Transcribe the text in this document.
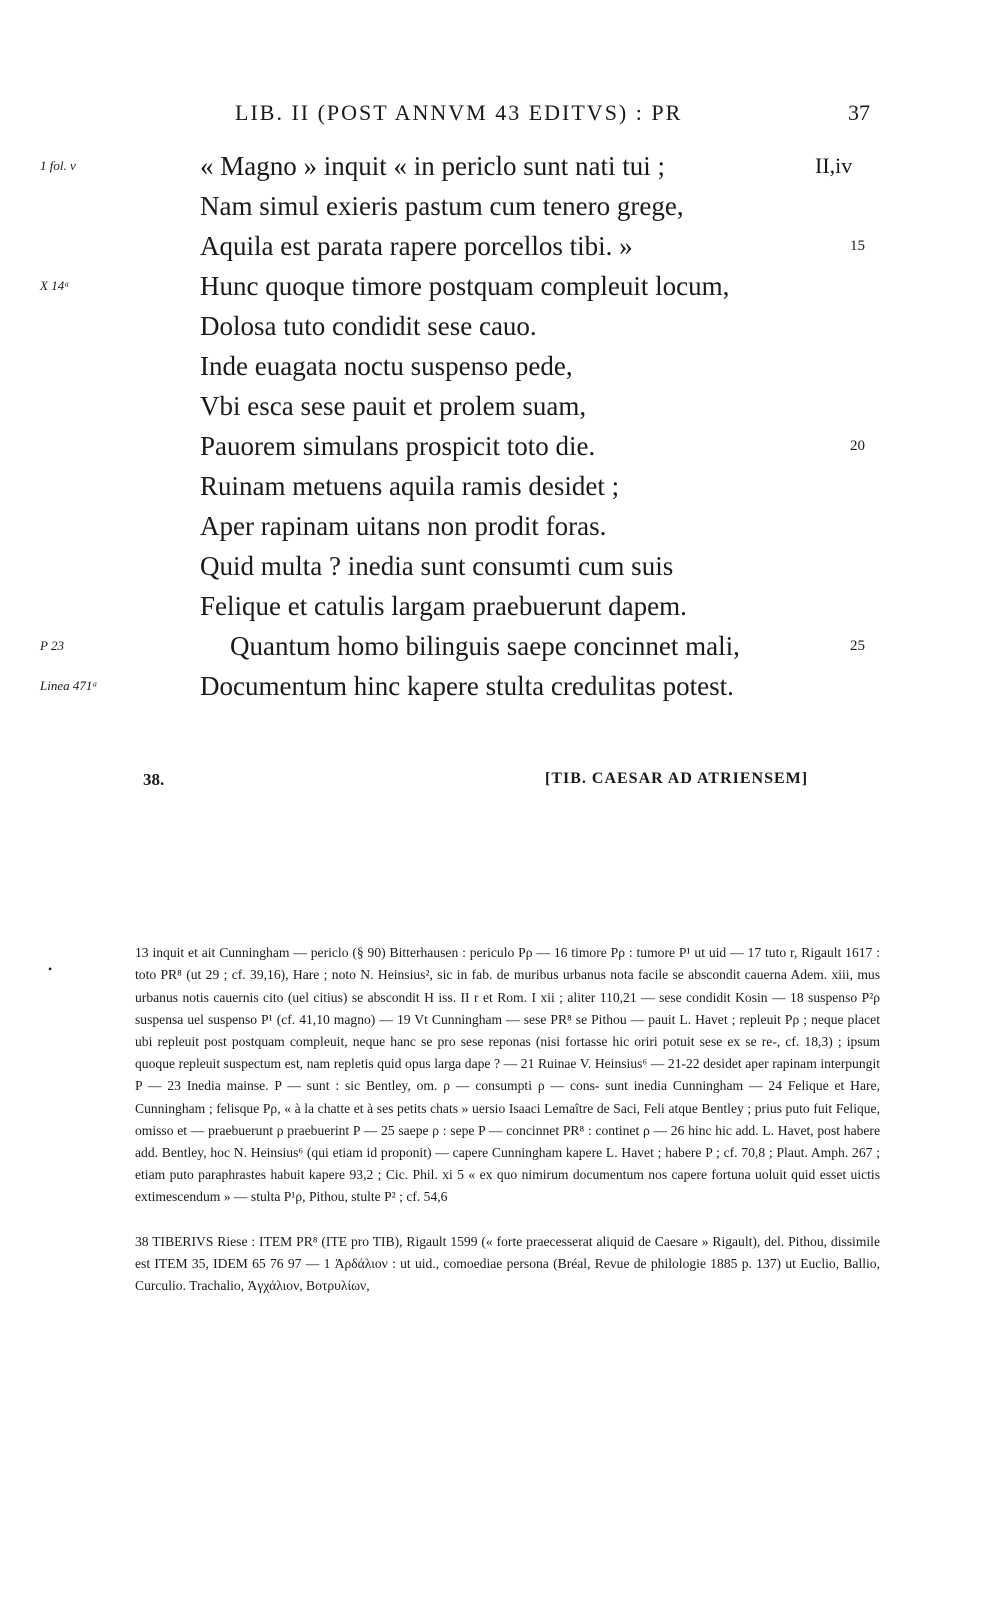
LIB. II (POST ANNVM 43 EDITVS) : PR	37
1 fol. v	« Magno » inquit « in periclo sunt nati tui ;	II,iv
Nam simul exieris pastum cum tenero grege,
Aquila est parata rapere porcellos tibi. »	15
X 14ᵃ	Hunc quoque timore postquam compleuit locum,
Dolosa tuto condidit sese cauo.
Inde euagata noctu suspenso pede,
Vbi esca sese pauit et prolem suam,
Pauorem simulans prospicit toto die.	20
Ruinam metuens aquila ramis desidet ;
Aper rapinam uitans non prodit foras.
Quid multa ? inedia sunt consumti cum suis
Felique et catulis largam praebuerunt dapem.
P 23	Quantum homo bilinguis saepe concinnet mali,	25
Linea 471ᵃ	Documentum hinc kapere stulta credulitas potest.
38.	[TIB. CAESAR AD ATRIENSEM]
•

13 inquit et ait Cunningham — periclo (§ 90) Bitterhausen : periculo Pρ — 16 timore Pρ : tumore P¹ ut uid — 17 tuto r, Rigault 1617 : toto PR⁸ (ut 29 ; cf. 39,16), Hare ; noto N. Heinsius², sic in fab. de muribus urbanus nota facile se abscondit cauerna Adem. xiii, mus urbanus notis cauernis cito (uel citius) se abscondit H iss. II r et Rom. I xii ; aliter 110,21 — sese condidit Kosin — 18 suspenso P²ρ suspensa uel suspenso P¹ (cf. 41,10 magno) — 19 Vt Cunningham — sese PR⁸ se Pithou — pauit L. Havet ; repleuit Pρ ; neque placet ubi repleuit post postquam compleuit, neque hanc se pro sese reponas (nisi fortasse hic oriri potuit sese ex se re-, cf. 18,3) ; ipsum quoque repleuit suspectum est, nam repletis quid opus larga dape ? — 21 Ruinae V. Heinsius⁶ — 21-22 desidet aper rapinam interpungit P — 23 Inedia mainse. P — sunt : sic Bentley, om. ρ — consumpti ρ — cons- sunt inedia Cunningham — 24 Felique et Hare, Cunningham ; felisque Pρ, « à la chatte et à ses petits chats » uersio Isaaci Lemaître de Saci, Feli atque Bentley ; prius puto fuit Felique, omisso et — praebuerunt ρ praebuerint P — 25 saepe ρ : sepe P — concinnet PR⁸ : continet ρ — 26 hinc hic add. L. Havet, post habere add. Bentley, hoc N. Heinsius⁶ (qui etiam id proponit) — capere Cunningham kapere L. Havet ; habere P ; cf. 70,8 ; Plaut. Amph. 267 ; etiam puto paraphrastes habuit kapere 93,2 ; Cic. Phil. xi 5 « ex quo nimirum documentum nos capere fortuna uoluit quid esset uictis extimescendum » — stulta P¹ρ, Pithou, stulte P² ; cf. 54,6

38 TIBERIVS Riese : ITEM PR⁸ (ITE pro TIB), Rigault 1599 (« forte praecesserat aliquid de Caesare » Rigault), del. Pithou, dissimile est ITEM 35, IDEM 65 76 97 — 1 Ἀρδάλιον : ut uid., comoediae persona (Bréal, Revue de philologie 1885 p. 137) ut Euclio, Ballio, Curculio. Trachalio, Ἀγχάλιον, Βοτρυλίων,
